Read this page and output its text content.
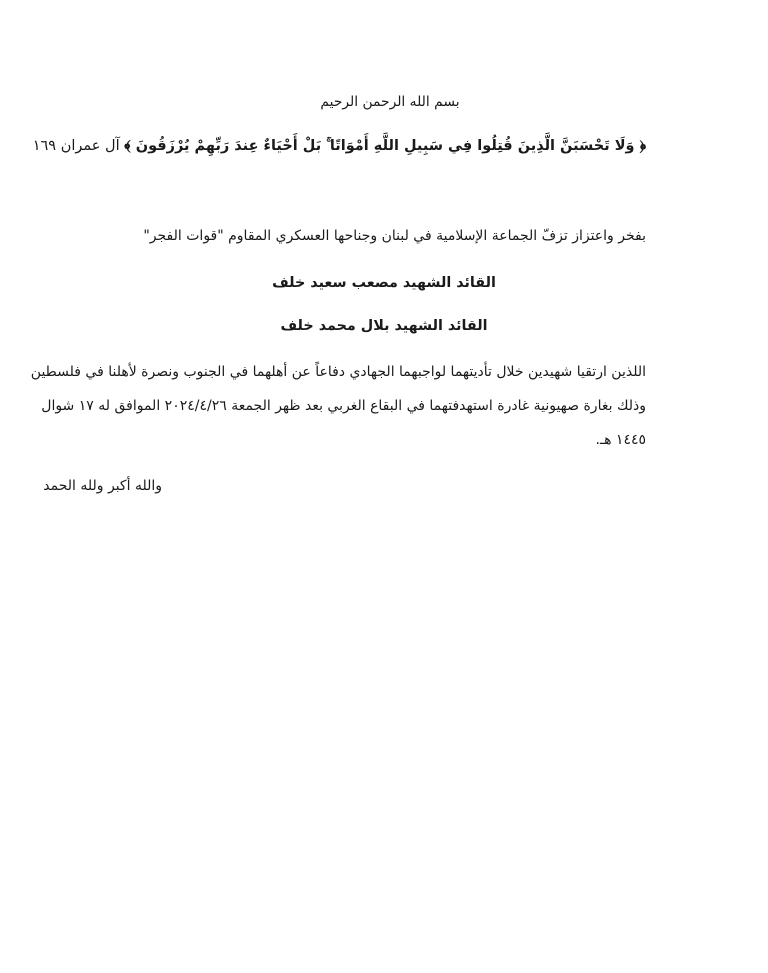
بسم الله الرحمن الرحيم
﴿ وَلَا تَحْسَبَنَّ الَّذِينَ قُتِلُوا فِي سَبِيلِ اللَّهِ أَمْوَاتًا ۚ بَلْ أَحْيَاءٌ عِندَ رَبِّهِمْ يُرْزَقُونَ ﴾ آل عمران ١٦٩
بفخر واعتزاز تزفّ الجماعة الإسلامية في لبنان وجناحها العسكري المقاوم "قوات الفجر"
القائد الشهيد مصعب سعيد خلف
القائد الشهيد بلال محمد خلف
اللذين ارتقيا شهيدين خلال تأديتهما لواجبهما الجهادي دفاعاً عن أهلهما في الجنوب ونصرة لأهلنا في فلسطين
وذلك بغارة صهيونية غادرة استهدفتهما في البقاع الغربي بعد ظهر الجمعة ٢٠٢٤/٤/٢٦ الموافق له ١٧ شوال
١٤٤٥ هـ.
والله أكبر ولله الحمد
